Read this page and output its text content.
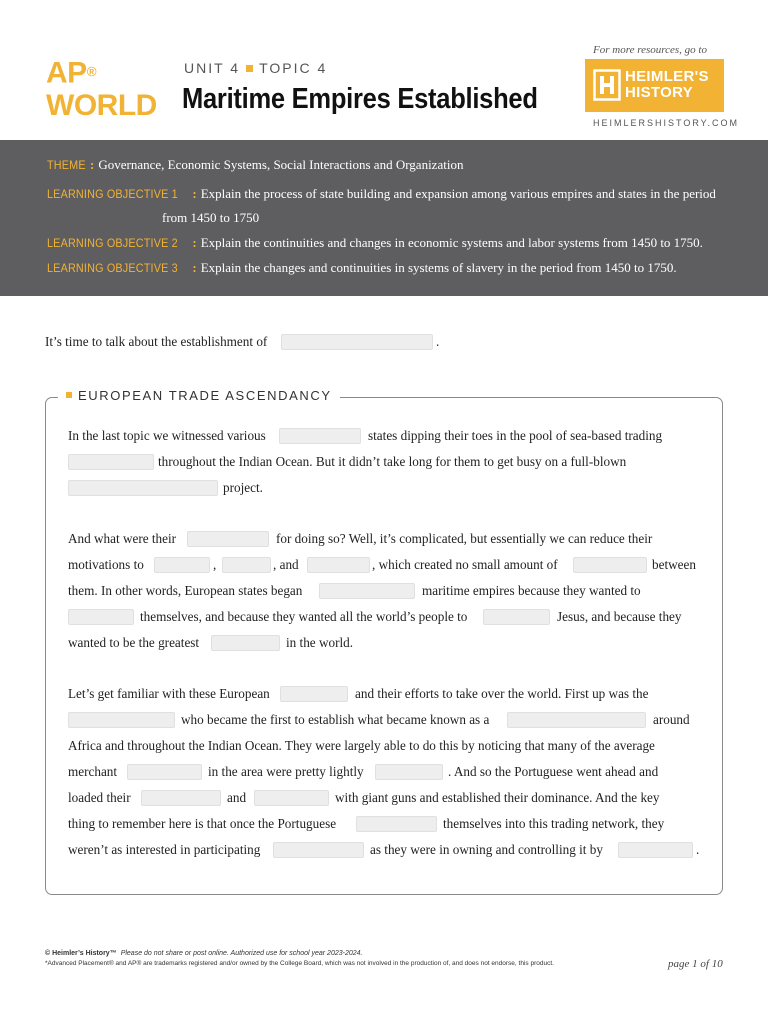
AP®
WORLD
UNIT 4 TOPIC 4
Maritime Empires Established
For more resources, go to
HEIMLER'S
HISTORY
HEIMLERSHISTORY.COM
THEME : Governance, Economic Systems, Social Interactions and Organization
LEARNING OBJECTIVE 1 : Explain the process of state building and expansion among various empires and states in the period
from 1450 to 1750
LEARNING OBJECTIVE 2 : Explain the continuities and changes in economic systems and labor systems from 1450 to 1750.
LEARNING OBJECTIVE 3 : Explain the changes and continuities in systems of slavery in the period from 1450 to 1750.
It’s time to talk about the establishment of	.
EUROPEAN TRADE ASCENDANCY
In the last topic we witnessed various	states dipping their toes in the pool of sea-based trading
throughout the Indian Ocean. But it didn’t take long for them to get busy on a full-blown
project.
And what were their	for doing so? Well, it’s complicated, but essentially we can reduce their
motivations to	,	, and	, which created no small amount of	between
them. In other words, European states began	maritime empires because they wanted to
themselves, and because they wanted all the world’s people to	Jesus, and because they
wanted to be the greatest	in the world.
Let’s get familiar with these European	and their efforts to take over the world. First up was the
who became the first to establish what became known as a	around
Africa and throughout the Indian Ocean. They were largely able to do this by noticing that many of the average
merchant	in the area were pretty lightly	. And so the Portuguese went ahead and
loaded their	and	with giant guns and established their dominance. And the key
thing to remember here is that once the Portuguese	themselves into this trading network, they
weren’t as interested in participating	as they were in owning and controlling it by	.
© Heimler’s History™ Please do not share or post online. Authorized use for school year 2023-2024.
*Advanced Placement® and AP® are trademarks registered and/or owned by the College Board, which was not involved in the production of, and does not endorse, this product.	page 1 of 10
